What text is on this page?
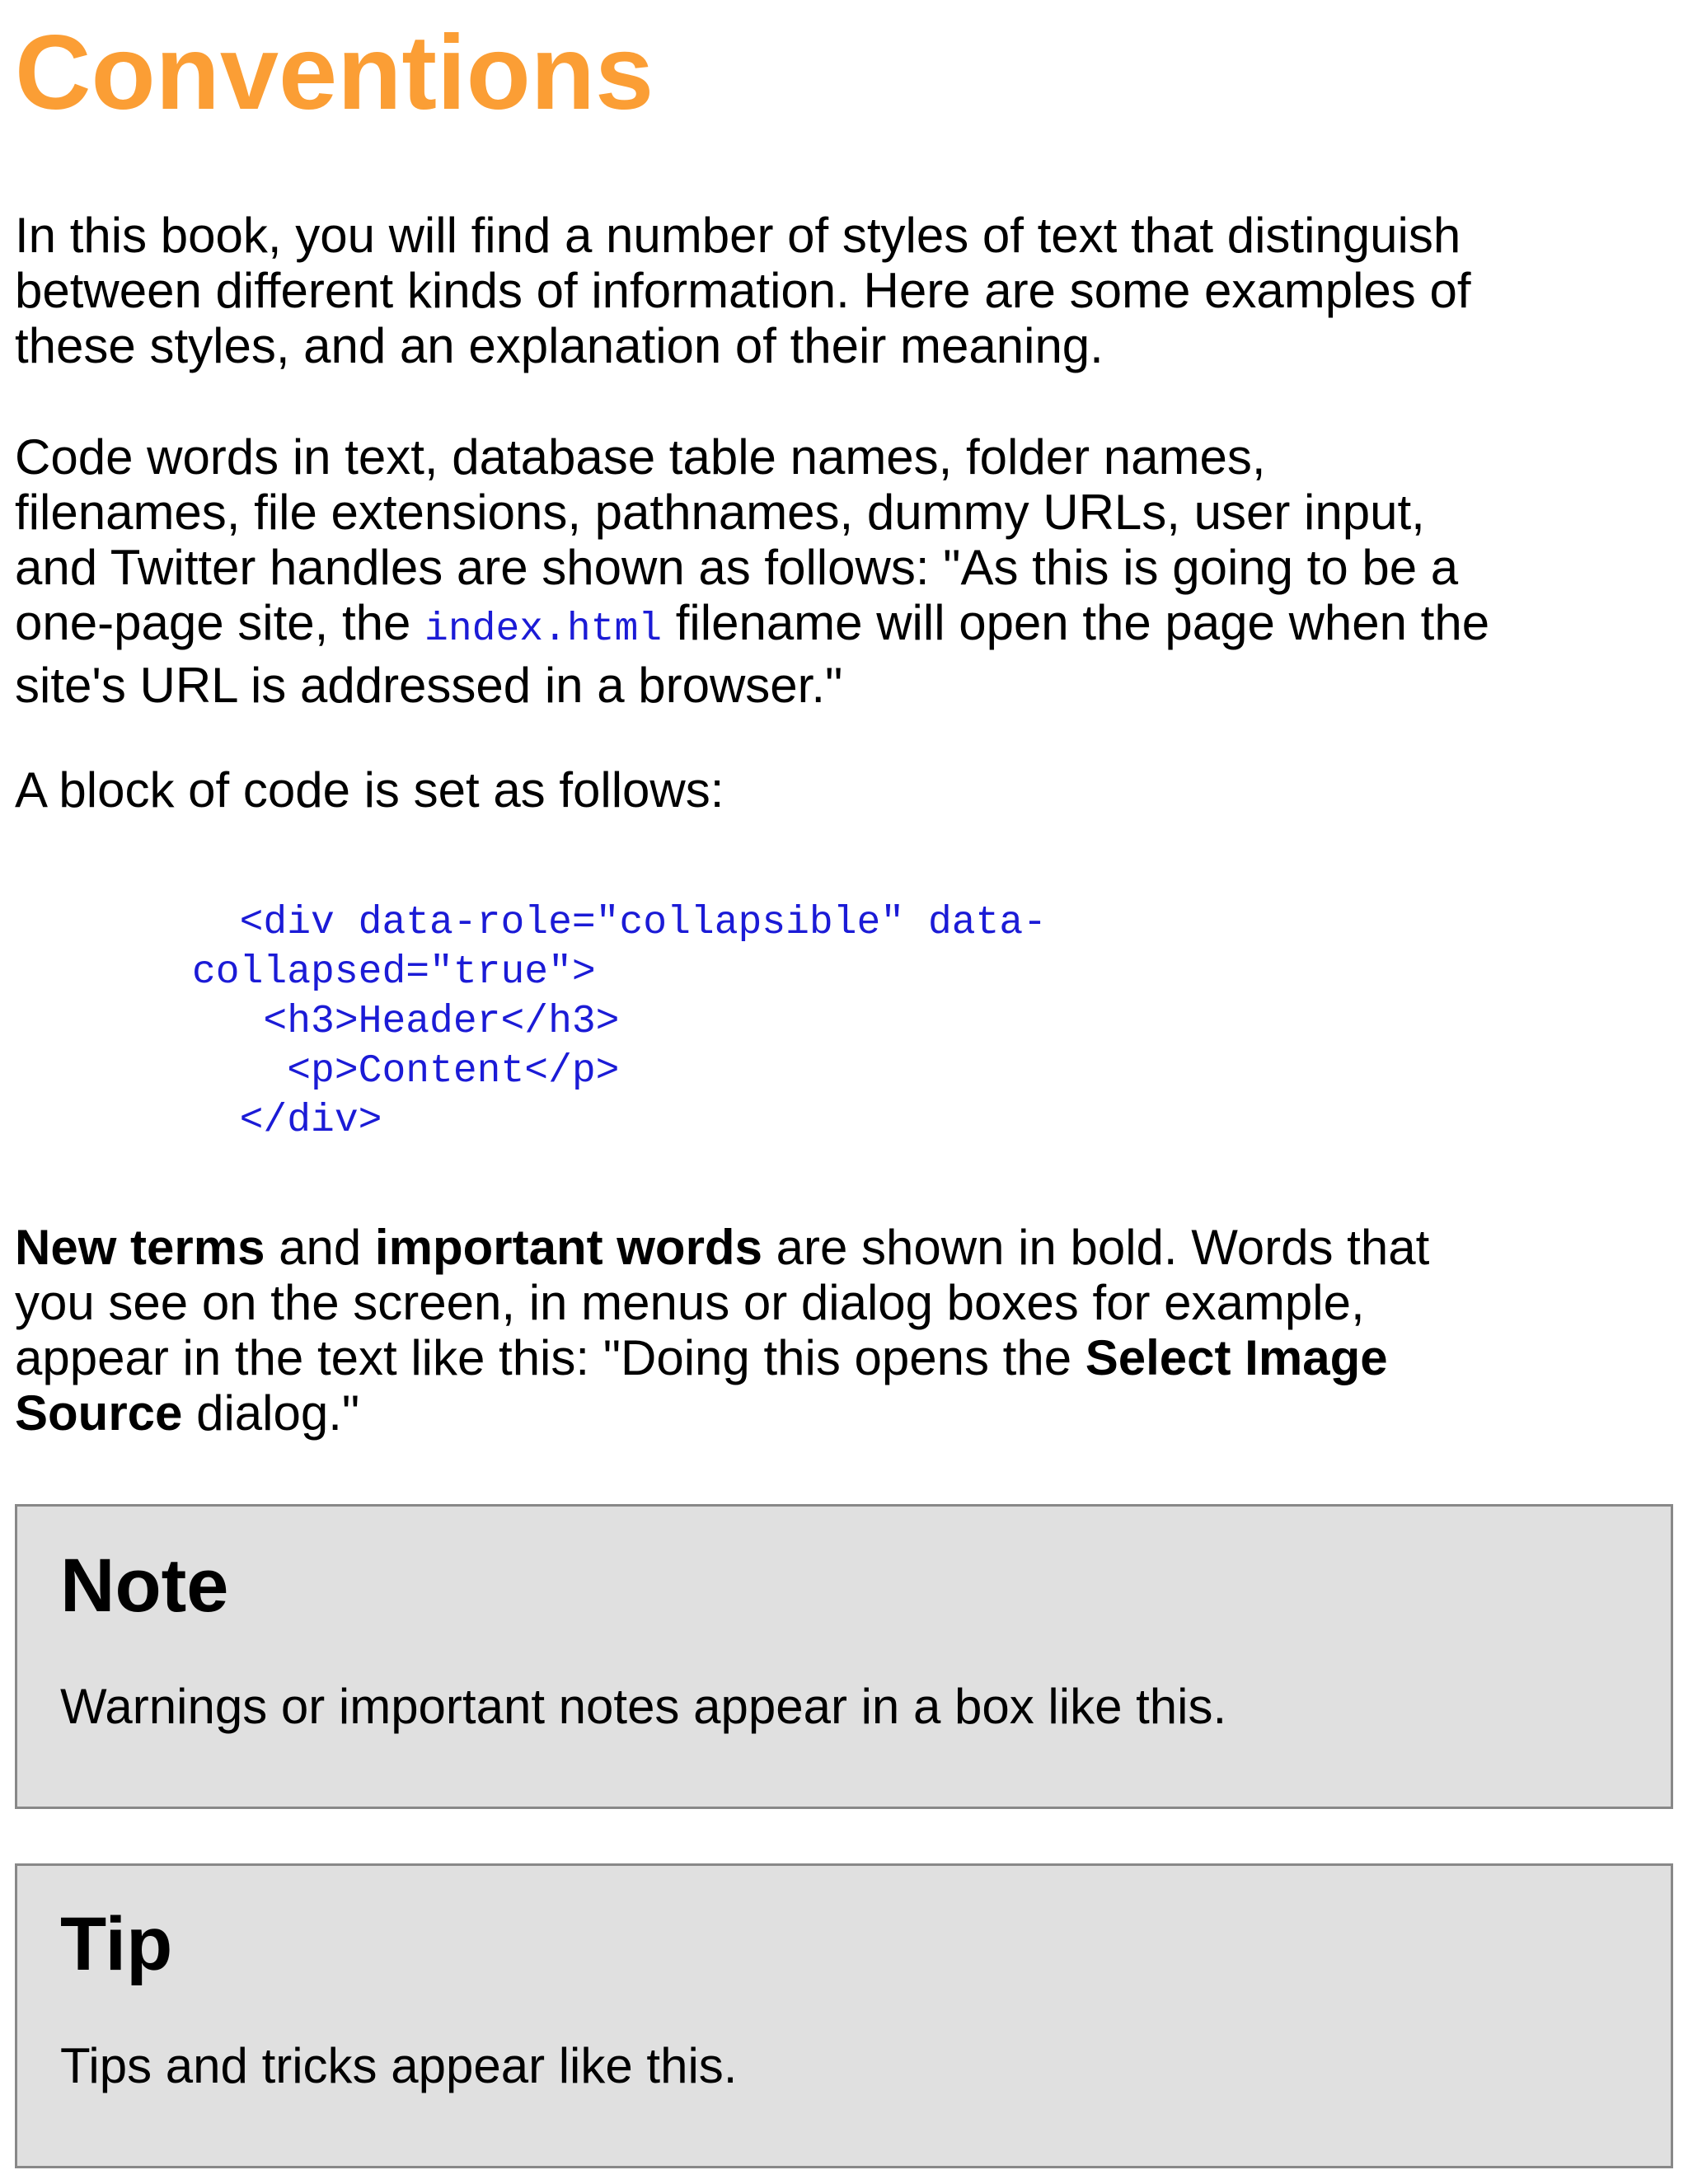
Conventions

In this book, you will find a number of styles of text that distinguish
between different kinds of information. Here are some examples of
these styles, and an explanation of their meaning.

Code words in text, database table names, folder names,
filenames, file extensions, pathnames, dummy URLs, user input,
and Twitter handles are shown as follows: "As this is going to be a
one-page site, the index.html filename will open the page when the
site's URL is addressed in a browser."

A block of code is set as follows:

<div data-role="collapsible" data-
collapsed="true">
<h3>Header</h3>
<p>Content</p>
</div>

New terms and important words are shown in bold. Words that
you see on the screen, in menus or dialog boxes for example,
appear in the text like this: "Doing this opens the Select Image
Source dialog."

Note

Warnings or important notes appear in a box like this.

Tip

Tips and tricks appear like this.
